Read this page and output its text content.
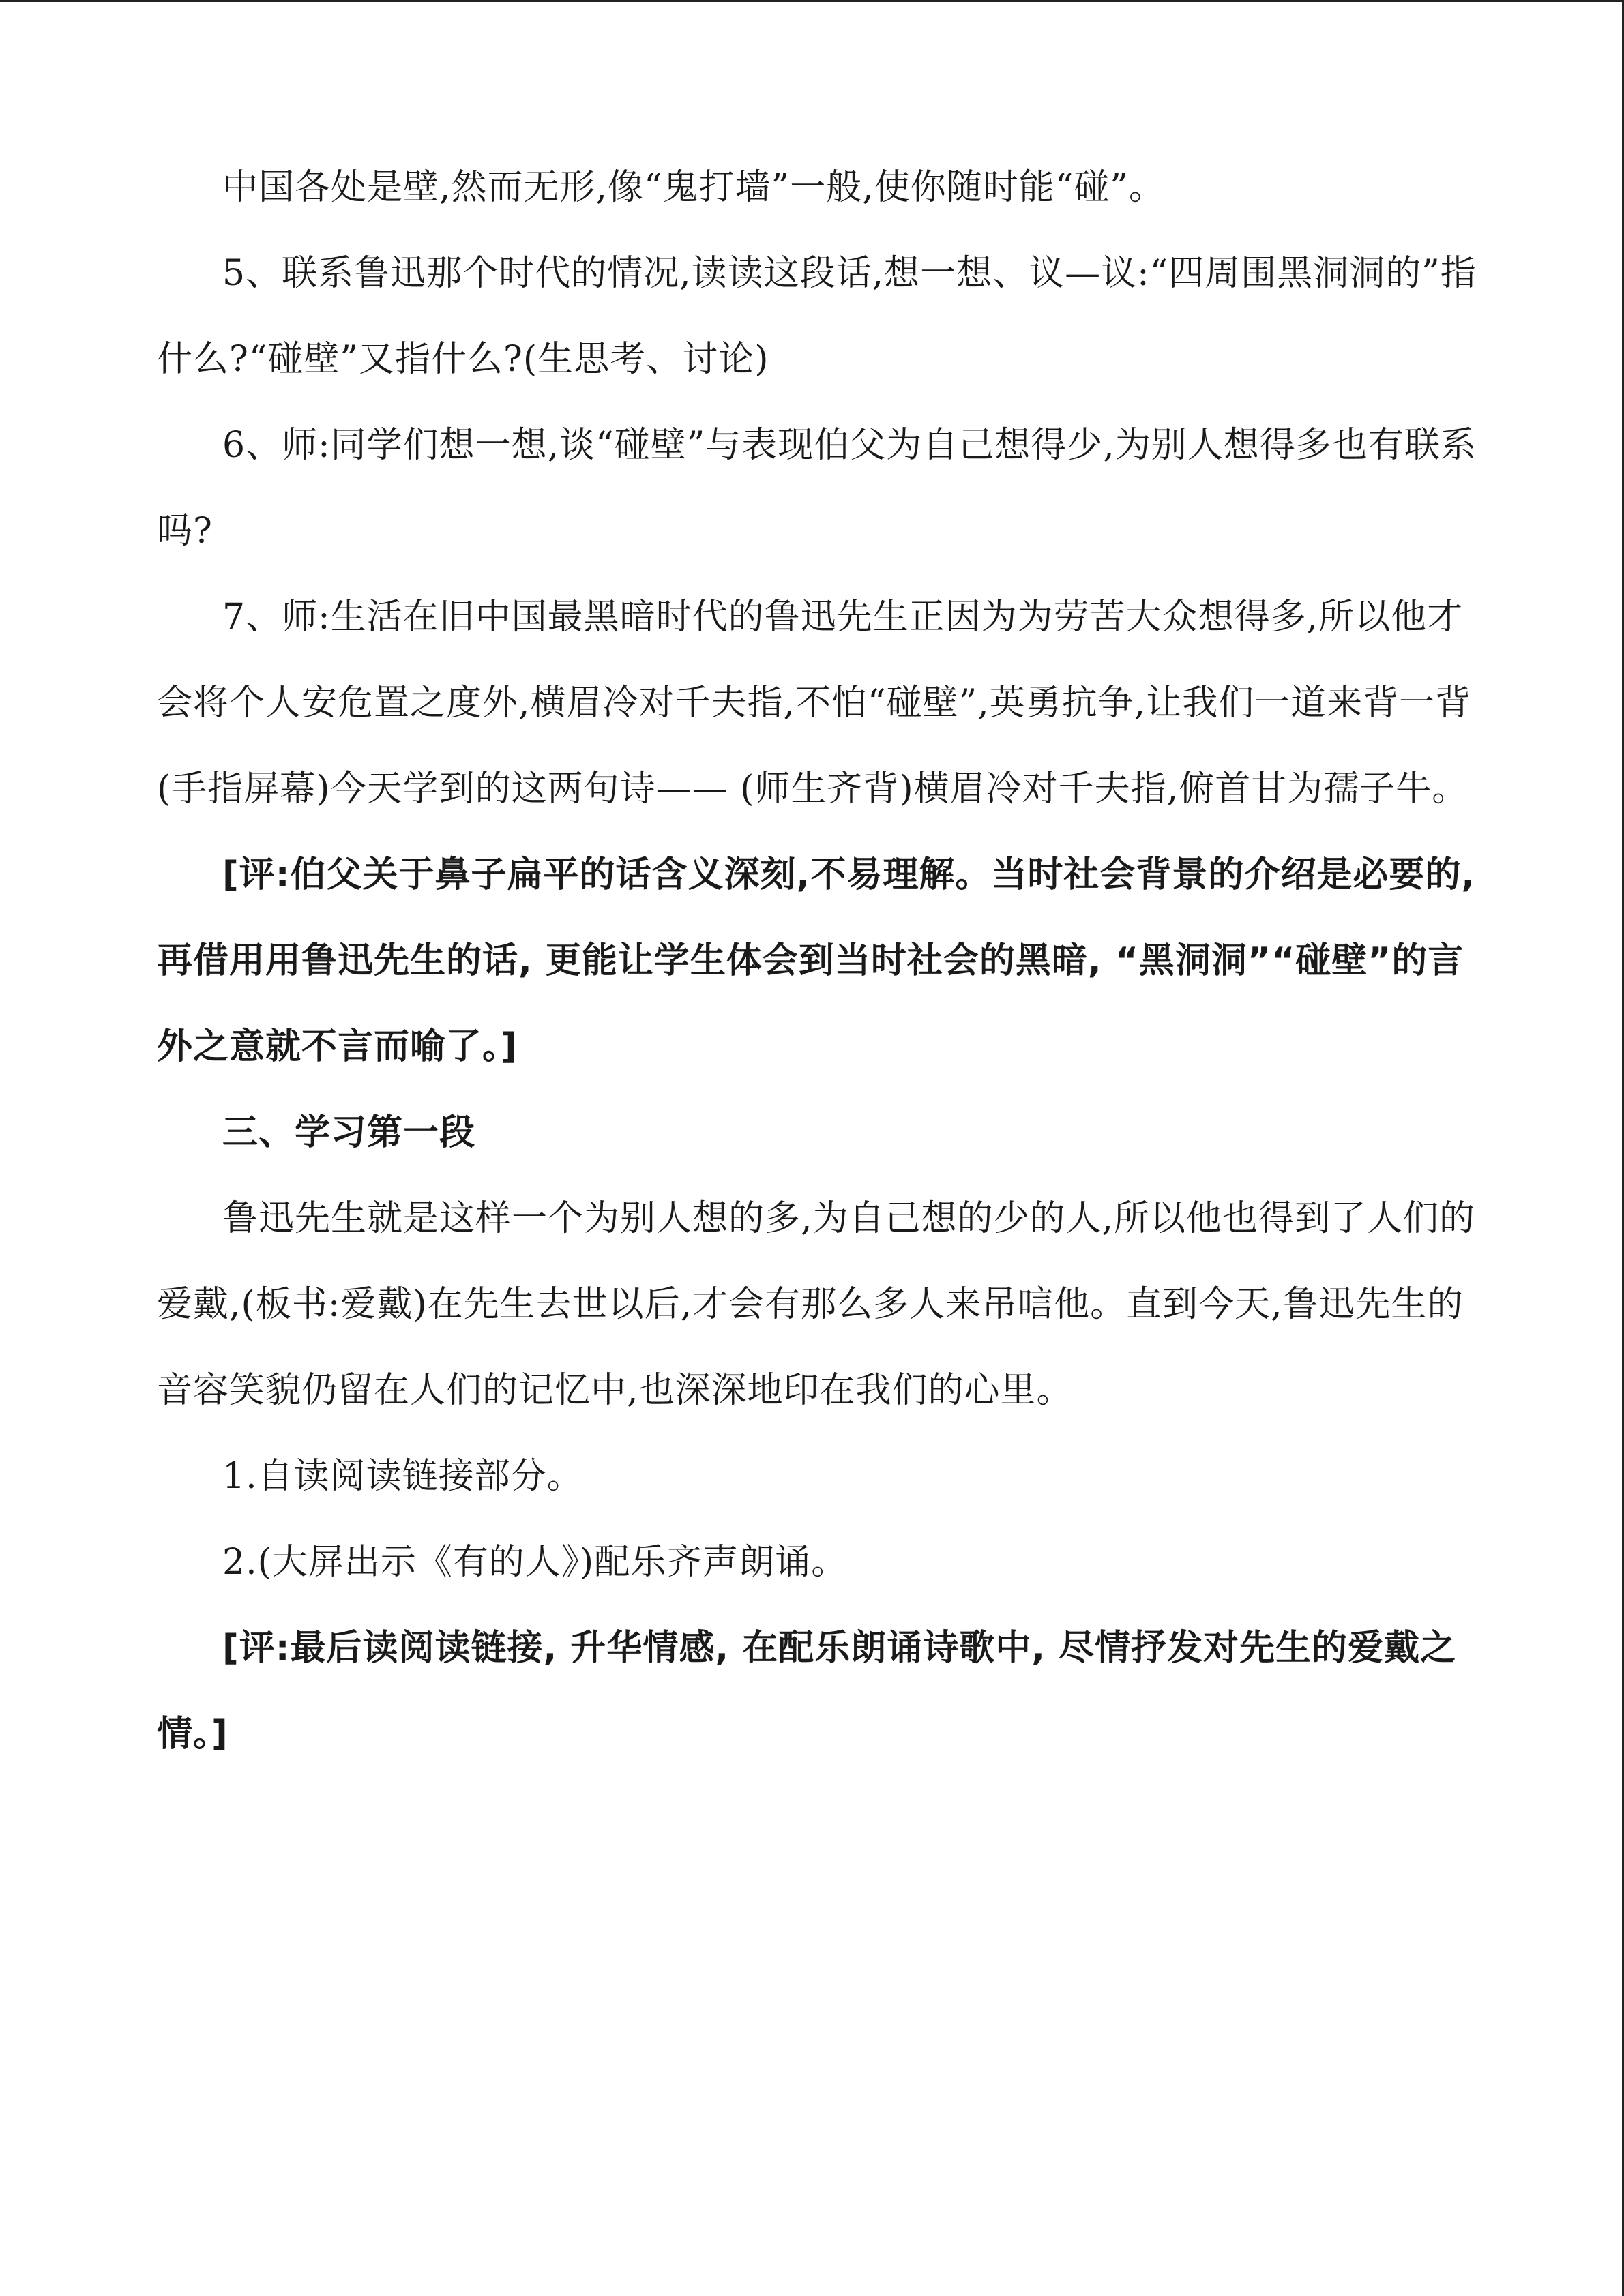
中国各处是壁,然而无形,像“鬼打墙”一般,使你随时能“碰”。

5、联系鲁迅那个时代的情况,读读这段话,想一想、议—议:“四周围黑洞洞的”指什么?“碰壁”又指什么?(生思考、讨论)

6、师:同学们想一想,谈“碰壁”与表现伯父为自己想得少,为别人想得多也有联系吗?

7、师:生活在旧中国最黑暗时代的鲁迅先生正因为为劳苦大众想得多,所以他才会将个人安危置之度外,横眉冷对千夫指,不怕“碰壁”,英勇抗争,让我们一道来背一背(手指屏幕)今天学到的这两句诗—— (师生齐背)横眉冷对千夫指,俯首甘为孺子牛。

[评:伯父关于鼻子扁平的话含义深刻,不易理解。当时社会背景的介绍是必要的, 再借用用鲁迅先生的话, 更能让学生体会到当时社会的黑暗, “黑洞洞”“碰壁”的言外之意就不言而喻了。]

三、学习第一段

鲁迅先生就是这样一个为别人想的多,为自己想的少的人,所以他也得到了人们的爱戴,(板书:爱戴)在先生去世以后,才会有那么多人来吊唁他。直到今天,鲁迅先生的音容笑貌仍留在人们的记忆中,也深深地印在我们的心里。

1.自读阅读链接部分。

2.(大屏出示《有的人》)配乐齐声朗诵。

[评:最后读阅读链接, 升华情感, 在配乐朗诵诗歌中, 尽情抒发对先生的爱戴之情。]
